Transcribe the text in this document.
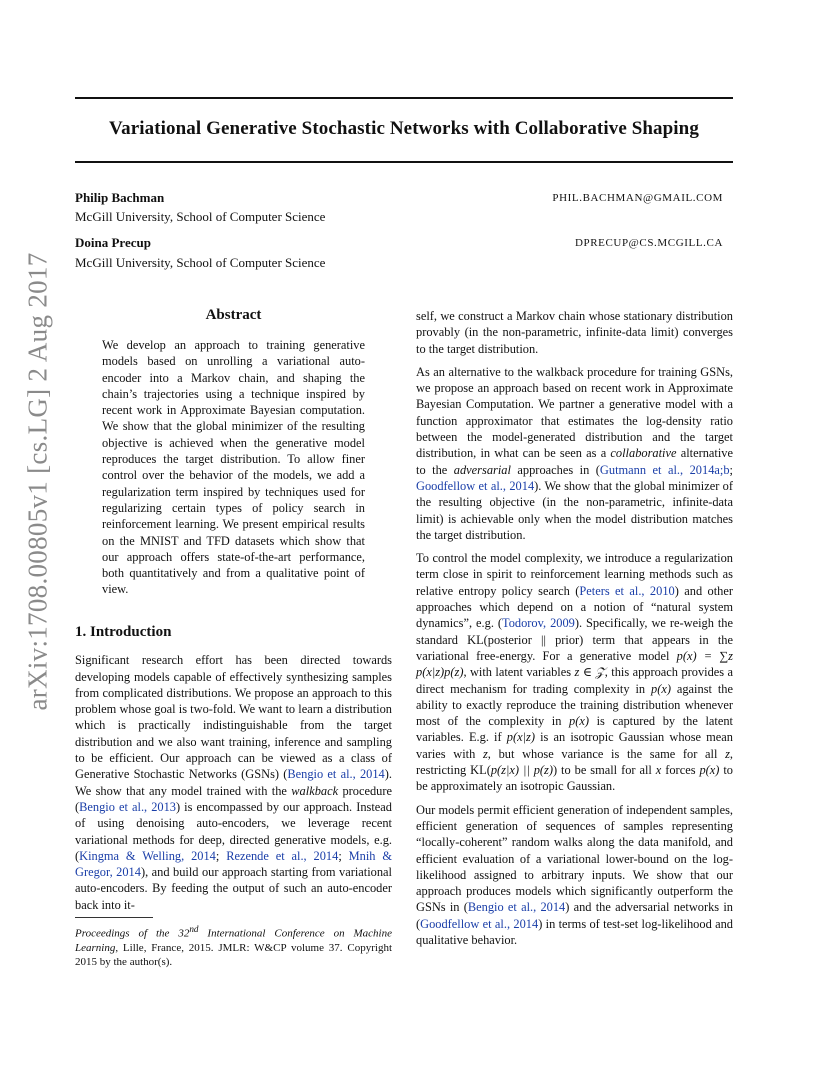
arXiv:1708.00805v1 [cs.LG] 2 Aug 2017
Variational Generative Stochastic Networks with Collaborative Shaping
Philip Bachman	PHIL.BACHMAN@GMAIL.COM
McGill University, School of Computer Science
Doina Precup	DPRECUP@CS.MCGILL.CA
McGill University, School of Computer Science
Abstract
We develop an approach to training generative models based on unrolling a variational auto-encoder into a Markov chain, and shaping the chain’s trajectories using a technique inspired by recent work in Approximate Bayesian computation. We show that the global minimizer of the resulting objective is achieved when the generative model reproduces the target distribution. To allow finer control over the behavior of the models, we add a regularization term inspired by techniques used for regularizing certain types of policy search in reinforcement learning. We present empirical results on the MNIST and TFD datasets which show that our approach offers state-of-the-art performance, both quantitatively and from a qualitative point of view.
1. Introduction

Significant research effort has been directed towards developing models capable of effectively synthesizing samples from complicated distributions. We propose an approach to this problem whose goal is two-fold. We want to learn a distribution which is practically indistinguishable from the target distribution and we also want training, inference and sampling to be efficient. Our approach can be viewed as a class of Generative Stochastic Networks (GSNs) (Bengio et al., 2014). We show that any model trained with the walkback procedure (Bengio et al., 2013) is encompassed by our approach. Instead of using denoising auto-encoders, we leverage recent variational methods for deep, directed generative models, e.g. (Kingma & Welling, 2014; Rezende et al., 2014; Mnih & Gregor, 2014), and build our approach starting from variational auto-encoders. By feeding the output of such an auto-encoder back into it-

Proceedings of the 32nd International Conference on Machine Learning, Lille, France, 2015. JMLR: W&CP volume 37. Copyright 2015 by the author(s).

self, we construct a Markov chain whose stationary distribution provably (in the non-parametric, infinite-data limit) converges to the target distribution.

As an alternative to the walkback procedure for training GSNs, we propose an approach based on recent work in Approximate Bayesian Computation. We partner a generative model with a function approximator that estimates the log-density ratio between the model-generated distribution and the target distribution, in what can be seen as a collaborative alternative to the adversarial approaches in (Gutmann et al., 2014a;b; Goodfellow et al., 2014). We show that the global minimizer of the resulting objective (in the non-parametric, infinite-data limit) is achievable only when the model distribution matches the target distribution.

To control the model complexity, we introduce a regularization term close in spirit to reinforcement learning methods such as relative entropy policy search (Peters et al., 2010) and other approaches which depend on a notion of “natural system dynamics”, e.g. (Todorov, 2009). Specifically, we re-weigh the standard KL(posterior || prior) term that appears in the variational free-energy. For a generative model p(x) = ∑z p(x|z)p(z), with latent variables z ∈ 𝒵, this approach provides a direct mechanism for trading complexity in p(x) against the ability to exactly reproduce the training distribution whenever most of the complexity in p(x) is captured by the latent variables. E.g. if p(x|z) is an isotropic Gaussian whose mean varies with z, but whose variance is the same for all z, restricting KL(p(z|x) || p(z)) to be small for all x forces p(x) to be approximately an isotropic Gaussian.

Our models permit efficient generation of independent samples, efficient generation of sequences of samples representing “locally-coherent” random walks along the data manifold, and efficient evaluation of a variational lower-bound on the log-likelihood assigned to arbitrary inputs. We show that our approach produces models which significantly outperform the GSNs in (Bengio et al., 2014) and the adversarial networks in (Goodfellow et al., 2014) in terms of test-set log-likelihood and qualitative behavior.
